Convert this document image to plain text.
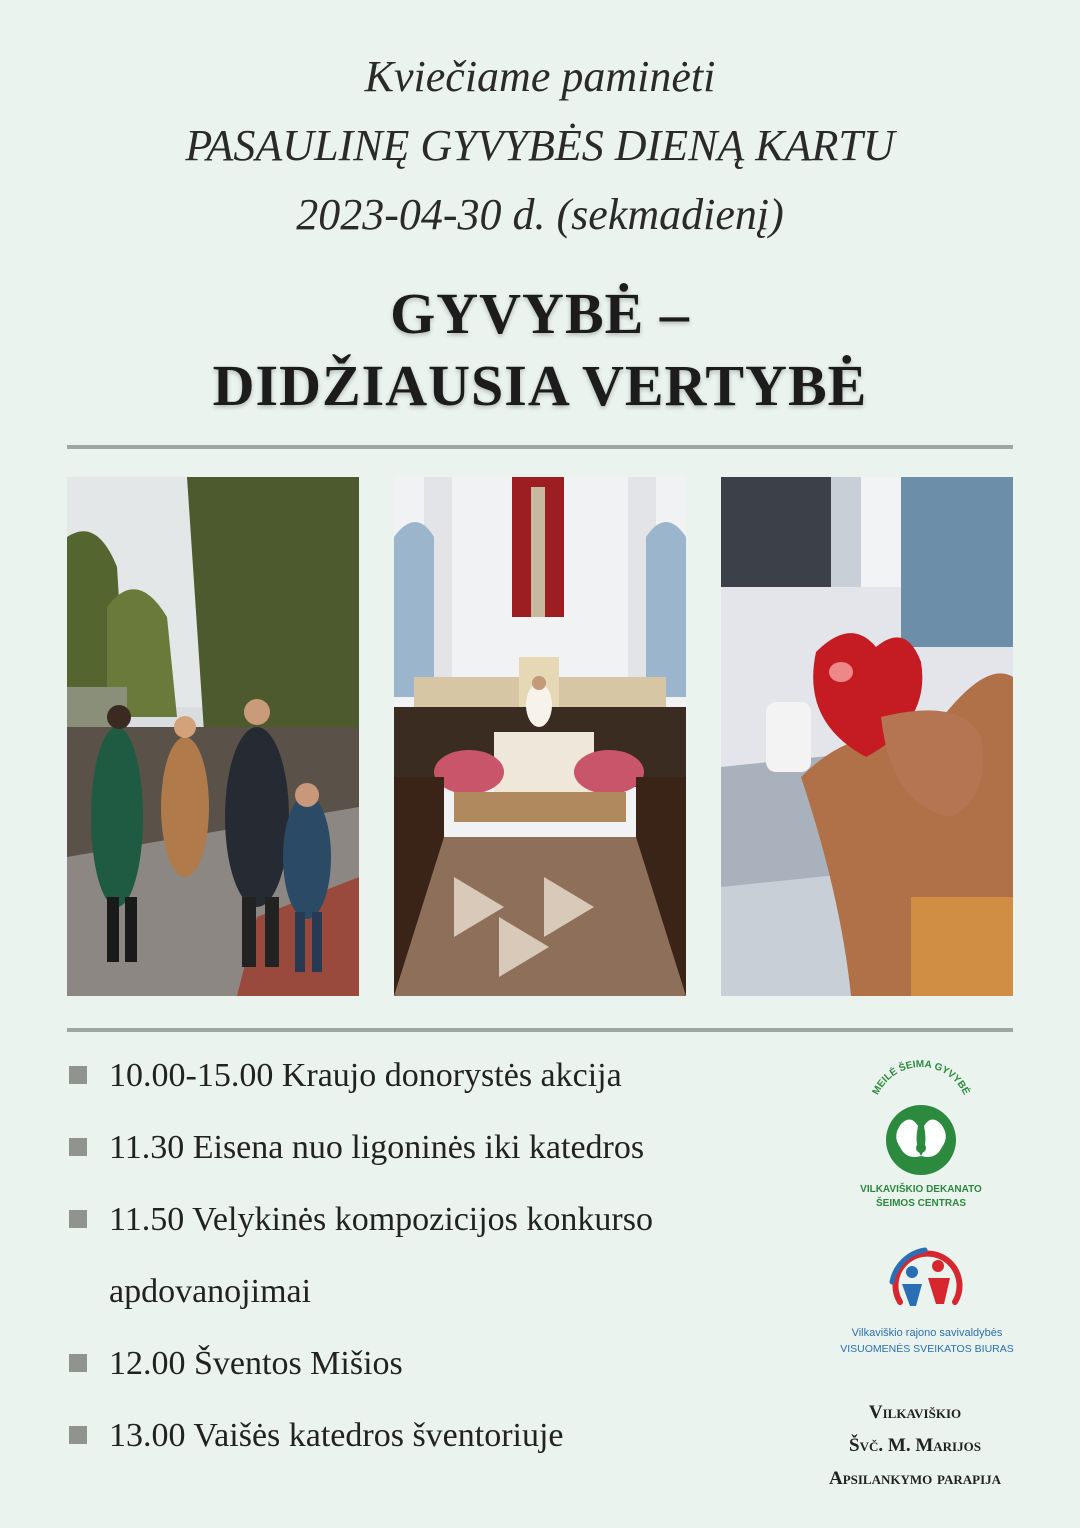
Kviečiame paminėti
PASAULINĘ GYVYBĖS DIENĄ KARTU
2023-04-30 d. (sekmadienį)
GYVYBĖ –
DIDŽIAUSIA VERTYBĖ
10.00-15.00 Kraujo donorystės akcija
11.30 Eisena nuo ligoninės iki katedros
11.50 Velykinės kompozicijos konkurso apdovanojimai
12.00 Šventos Mišios
13.00 Vaišės katedros šventoriuje
MEILĖ ŠEIMA GYVYBĖ
VILKAVIŠKIO DEKANATO
ŠEIMOS CENTRAS
Vilkaviškio rajono savivaldybės
VISUOMENĖS SVEIKATOS BIURAS
Vilkaviškio
Švč. M. Marijos
Apsilankymo parapija
